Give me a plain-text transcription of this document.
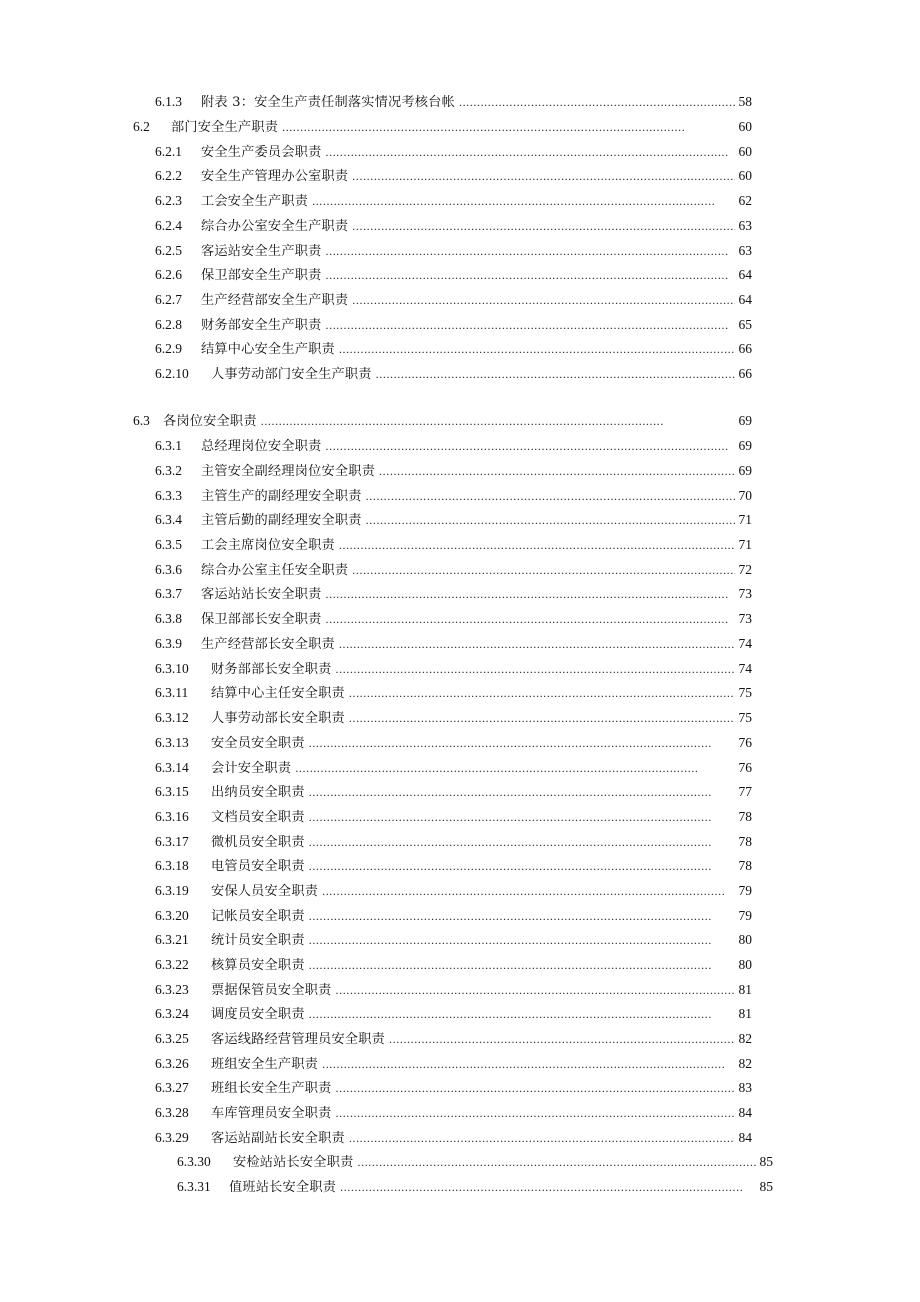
6.1.3	附表 3：安全生产责任制落实情况考核台帐 . . .	58
6.2	部门安全生产职责 . . .	60
6.2.1	安全生产委员会职责 . . .	60
6.2.2	安全生产管理办公室职责 . . .	60
6.2.3	工会安全生产职责 . . .	62
6.2.4	综合办公室安全生产职责 . . .	63
6.2.5	客运站安全生产职责 . . .	63
6.2.6	保卫部安全生产职责 . . .	64
6.2.7	生产经营部安全生产职责 . . .	64
6.2.8	财务部安全生产职责 . . .	65
6.2.9	结算中心安全生产职责 . . .	66
6.2.10	人事劳动部门安全生产职责 . . .	66
6.3 各岗位安全职责 . . .	69
6.3.1	总经理岗位安全职责 . . .	69
6.3.2	主管安全副经理岗位安全职责 . . .	69
6.3.3	主管生产的副经理安全职责 . . .	70
6.3.4	主管后勤的副经理安全职责 . . .	71
6.3.5	工会主席岗位安全职责 . . .	71
6.3.6	综合办公室主任安全职责 . . .	72
6.3.7	客运站站长安全职责 . . .	73
6.3.8	保卫部部长安全职责 . . .	73
6.3.9	生产经营部长安全职责 . . .	74
6.3.10	财务部部长安全职责 . . .	74
6.3.11	结算中心主任安全职责 . . .	75
6.3.12	人事劳动部长安全职责 . . .	75
6.3.13	安全员安全职责 . . .	76
6.3.14	会计安全职责 . . .	76
6.3.15	出纳员安全职责 . . .	77
6.3.16	文档员安全职责 . . .	78
6.3.17	微机员安全职责 . . .	78
6.3.18	电管员安全职责 . . .	78
6.3.19	安保人员安全职责 . . .	79
6.3.20	记帐员安全职责 . . .	79
6.3.21	统计员安全职责 . . .	80
6.3.22	核算员安全职责 . . .	80
6.3.23	票据保管员安全职责 . . .	81
6.3.24	调度员安全职责 . . .	81
6.3.25	客运线路经营管理员安全职责 . . .	82
6.3.26	班组安全生产职责 . . .	82
6.3.27	班组长安全生产职责 . . .	83
6.3.28	车库管理员安全职责 . . .	84
6.3.29	客运站副站长安全职责 . . .	84
6.3.30	安检站站长安全职责 . . .	85
6.3.31	值班站长安全职责 . . .	85
